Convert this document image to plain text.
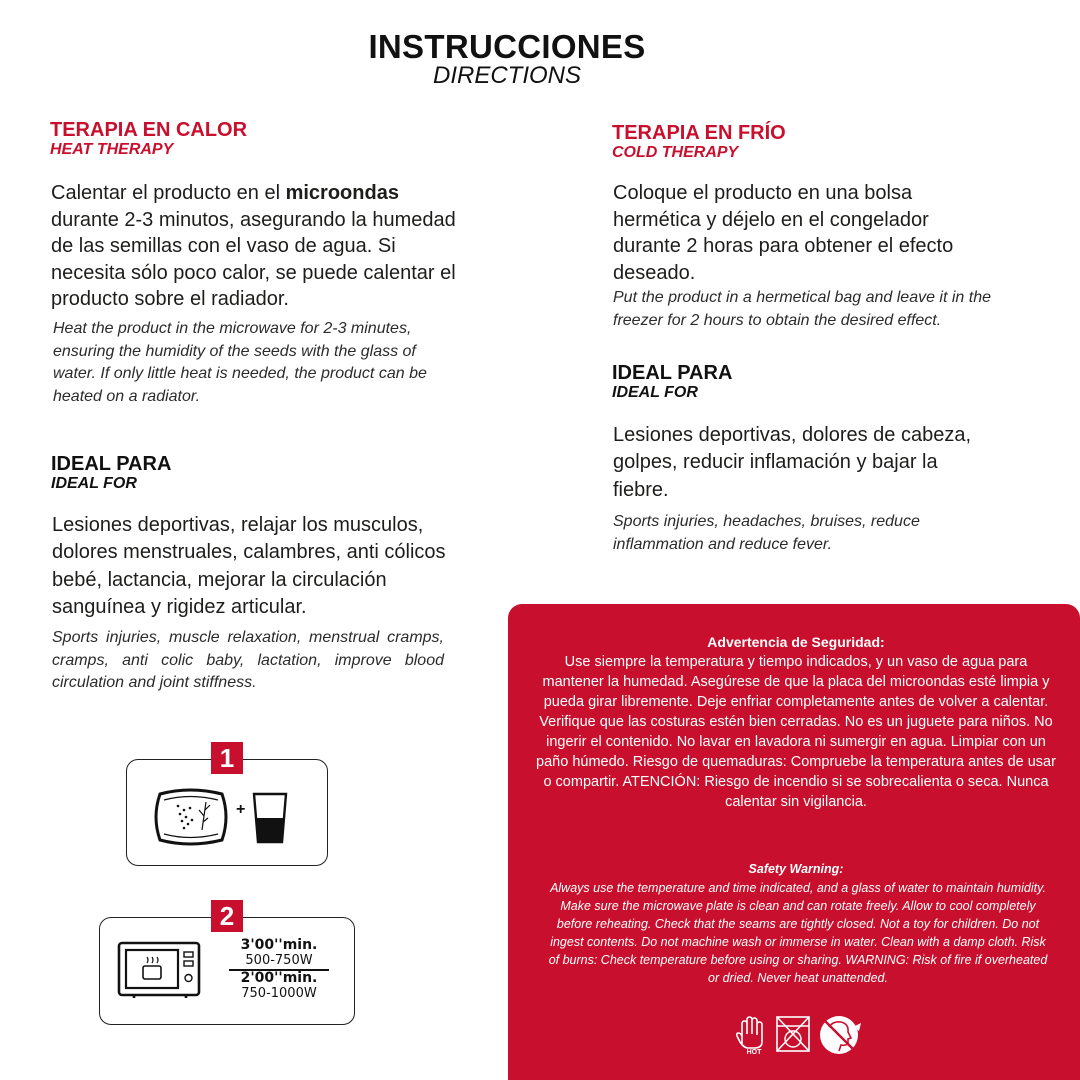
INSTRUCCIONES
DIRECTIONS
TERAPIA EN CALOR
HEAT THERAPY
Calentar el producto en el microondas durante 2-3 minutos, asegurando la humedad de las semillas con el vaso de agua. Si necesita sólo poco calor, se puede calentar el producto sobre el radiador.
Heat the product in the microwave for 2-3 minutes, ensuring the humidity of the seeds with the glass of water. If only little heat is needed, the product can be heated on a radiator.
IDEAL PARA
IDEAL FOR
Lesiones deportivas, relajar los musculos, dolores menstruales, calambres, anti cólicos bebé, lactancia, mejorar la circulación sanguínea y rigidez articular.
Sports injuries, muscle relaxation, menstrual cramps, cramps, anti colic baby, lactation, improve blood circulation and joint stiffness.
TERAPIA EN FRÍO
COLD THERAPY
Coloque el producto en una bolsa hermética y déjelo en el congelador durante 2 horas para obtener el efecto deseado.
Put the product in a hermetical bag and leave it in the freezer for 2 hours to obtain the desired effect.
IDEAL PARA
IDEAL FOR
Lesiones deportivas, dolores de cabeza, golpes, reducir inflamación y bajar la fiebre.
Sports injuries, headaches, bruises, reduce inflammation and reduce fever.
1
+
2
3'00''min.
500-750W
2'00''min.
750-1000W
Advertencia de Seguridad:
Use siempre la temperatura y tiempo indicados, y un vaso de agua para mantener la humedad. Asegúrese de que la placa del microondas esté limpia y pueda girar libremente. Deje enfriar completamente antes de volver a calentar. Verifique que las costuras estén bien cerradas. No es un juguete para niños. No ingerir el contenido. No lavar en lavadora ni sumergir en agua. Limpiar con un paño húmedo. Riesgo de quemaduras: Compruebe la temperatura antes de usar o compartir. ATENCIÓN: Riesgo de incendio si se sobrecalienta o seca. Nunca calentar sin vigilancia.
Safety Warning:
Always use the temperature and time indicated, and a glass of water to maintain humidity. Make sure the microwave plate is clean and can rotate freely. Allow to cool completely before reheating. Check that the seams are tightly closed. Not a toy for children. Do not ingest contents. Do not machine wash or immerse in water. Clean with a damp cloth. Risk of burns: Check temperature before using or sharing. WARNING: Risk of fire if overheated or dried. Never heat unattended.
HOT
